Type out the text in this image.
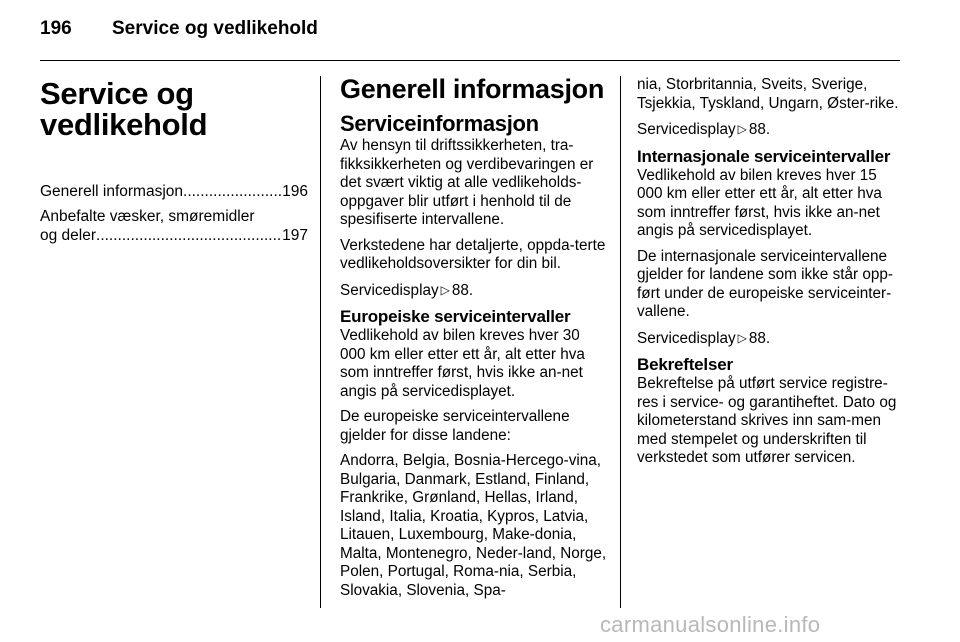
196 Service og vedlikehold
Service og
vedlikehold
Generell informasjon .....	196
Anbefalte væsker, smøremidler
og deler .....	197
Generell informasjon
Serviceinformasjon

Av hensyn til driftssikkerheten, tra-fikksikkerheten og verdibevaringen er det svært viktig at alle vedlikeholds-oppgaver blir utført i henhold til de spesifiserte intervallene.

Verkstedene har detaljerte, oppda-terte vedlikeholdsoversikter for din bil.

Servicedisplay ▷ 88.

Europeiske serviceintervaller

Vedlikehold av bilen kreves hver 30 000 km eller etter ett år, alt etter hva som inntreffer først, hvis ikke an-net angis på servicedisplayet.

De europeiske serviceintervallene gjelder for disse landene:

Andorra, Belgia, Bosnia-Hercego-vina, Bulgaria, Danmark, Estland, Finland, Frankrike, Grønland, Hellas, Irland, Island, Italia, Kroatia, Kypros, Latvia, Litauen, Luxembourg, Make-donia, Malta, Montenegro, Neder-land, Norge, Polen, Portugal, Roma-nia, Serbia, Slovakia, Slovenia, Spa-

nia, Storbritannia, Sveits, Sverige, Tsjekkia, Tyskland, Ungarn, Øster-rike.

Servicedisplay ▷ 88.

Internasjonale serviceintervaller

Vedlikehold av bilen kreves hver 15 000 km eller etter ett år, alt etter hva som inntreffer først, hvis ikke an-net angis på servicedisplayet.

De internasjonale serviceintervallene gjelder for landene som ikke står opp-ført under de europeiske serviceinter-vallene.

Servicedisplay ▷ 88.

Bekreftelser

Bekreftelse på utført service registre-res i service- og garantiheftet. Dato og kilometerstand skrives inn sam-men med stempelet og underskriften til verkstedet som utfører servicen.

carmanualsonline.info
